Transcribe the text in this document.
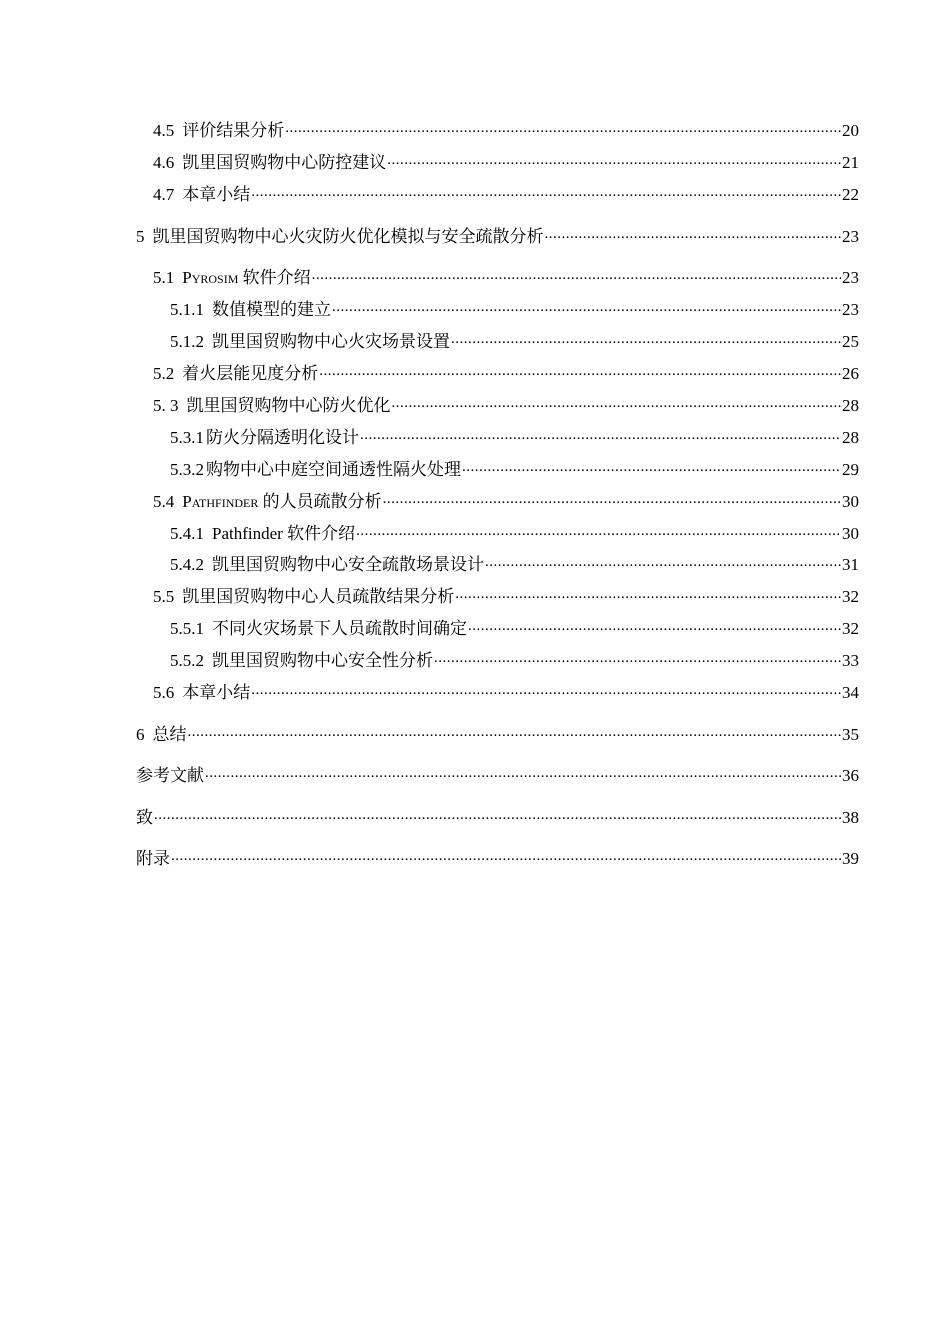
4.5 评价结果分析 .....	20
4.6 凯里国贸购物中心防控建议 .....	21
4.7 本章小结 .....	22
5 凯里国贸购物中心火灾防火优化模拟与安全疏散分析 .....	23
5.1 Pyrosim 软件介绍 .....	23
5.1.1 数值模型的建立 .....	23
5.1.2 凯里国贸购物中心火灾场景设置 .....	25
5.2 着火层能见度分析 .....	26
5. 3 凯里国贸购物中心防火优化 .....	28
5.3.1 防火分隔透明化设计 .....	28
5.3.2 购物中心中庭空间通透性隔火处理 .....	29
5.4 Pathfinder 的人员疏散分析 .....	30
5.4.1 Pathfinder 软件介绍 .....	30
5.4.2 凯里国贸购物中心安全疏散场景设计 .....	31
5.5 凯里国贸购物中心人员疏散结果分析 .....	32
5.5.1 不同火灾场景下人员疏散时间确定 .....	32
5.5.2 凯里国贸购物中心安全性分析 .....	33
5.6 本章小结 .....	34
6 总结 .....	35
参考文献 .....	36
致 .....	38
附录 .....	39
